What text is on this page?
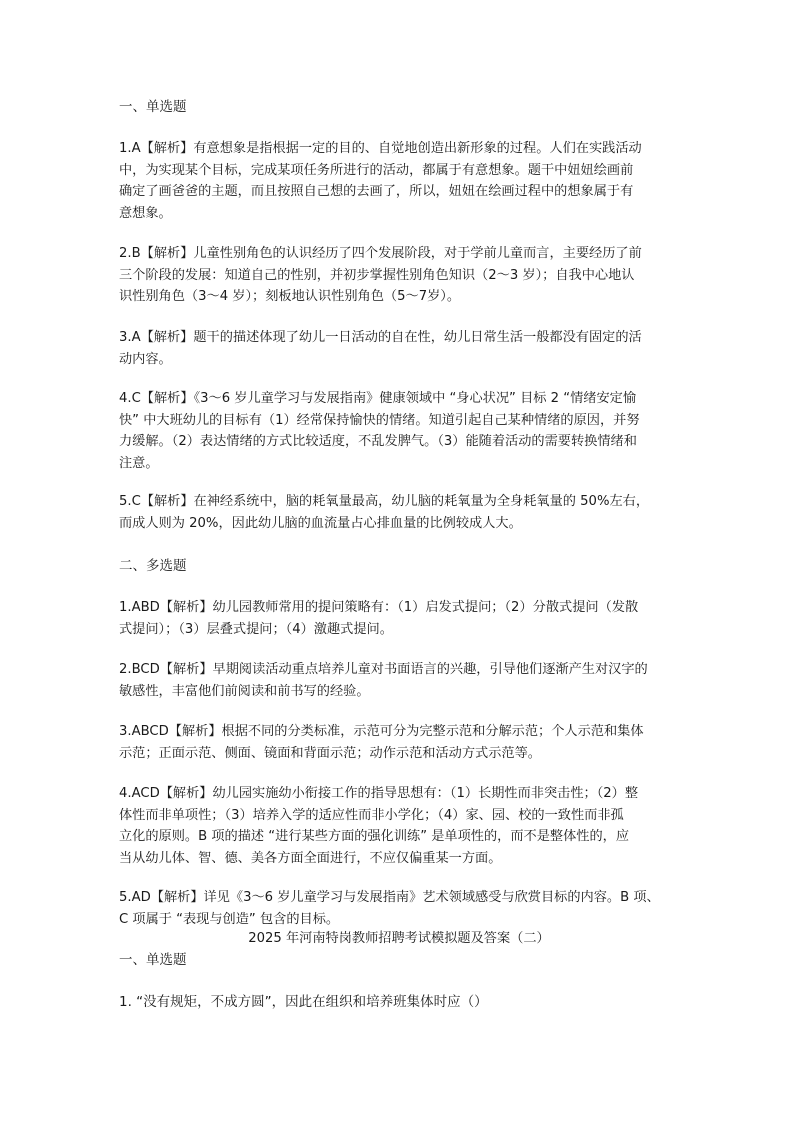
一、单选题

1.A【解析】有意想象是指根据一定的目的、自觉地创造出新形象的过程。人们在实践活动

中，为实现某个目标，完成某项任务所进行的活动，都属于有意想象。题干中妞妞绘画前

确定了画爸爸的主题，而且按照自己想的去画了，所以，妞妞在绘画过程中的想象属于有

意想象。

2.B【解析】儿童性别角色的认识经历了四个发展阶段，对于学前儿童而言，主要经历了前

三个阶段的发展：知道自己的性别，并初步掌握性别角色知识（2～3 岁）；自我中心地认

识性别角色（3～4 岁）；刻板地认识性别角色（5～7岁）。

3.A【解析】题干的描述体现了幼儿一日活动的自在性，幼儿日常生活一般都没有固定的活

动内容。

4.C【解析】《3～6 岁儿童学习与发展指南》健康领域中 “身心状况” 目标 2 “情绪安定愉

快” 中大班幼儿的目标有（1）经常保持愉快的情绪。知道引起自己某种情绪的原因，并努

力缓解。（2）表达情绪的方式比较适度，不乱发脾气。（3）能随着活动的需要转换情绪和

注意。

5.C【解析】在神经系统中，脑的耗氧量最高，幼儿脑的耗氧量为全身耗氧量的 50%左右，

而成人则为 20%，因此幼儿脑的血流量占心排血量的比例较成人大。

二、多选题

1.ABD【解析】幼儿园教师常用的提问策略有：（1）启发式提问；（2）分散式提问（发散

式提问）；（3）层叠式提问；（4）激趣式提问。

2.BCD【解析】早期阅读活动重点培养儿童对书面语言的兴趣，引导他们逐渐产生对汉字的

敏感性，丰富他们前阅读和前书写的经验。

3.ABCD【解析】根据不同的分类标准，示范可分为完整示范和分解示范；个人示范和集体

示范；正面示范、侧面、镜面和背面示范；动作示范和活动方式示范等。

4.ACD【解析】幼儿园实施幼小衔接工作的指导思想有：（1）长期性而非突击性；（2）整

体性而非单项性；（3）培养入学的适应性而非小学化；（4）家、园、校的一致性而非孤

立化的原则。B 项的描述 “进行某些方面的强化训练” 是单项性的，而不是整体性的，应

当从幼儿体、智、德、美各方面全面进行，不应仅偏重某一方面。

5.AD【解析】详见《3～6 岁儿童学习与发展指南》艺术领域感受与欣赏目标的内容。B 项、

C 项属于 “表现与创造” 包含的目标。

2025 年河南特岗教师招聘考试模拟题及答案（二）
一、单选题
1. “没有规矩，不成方圆”，因此在组织和培养班集体时应（）
